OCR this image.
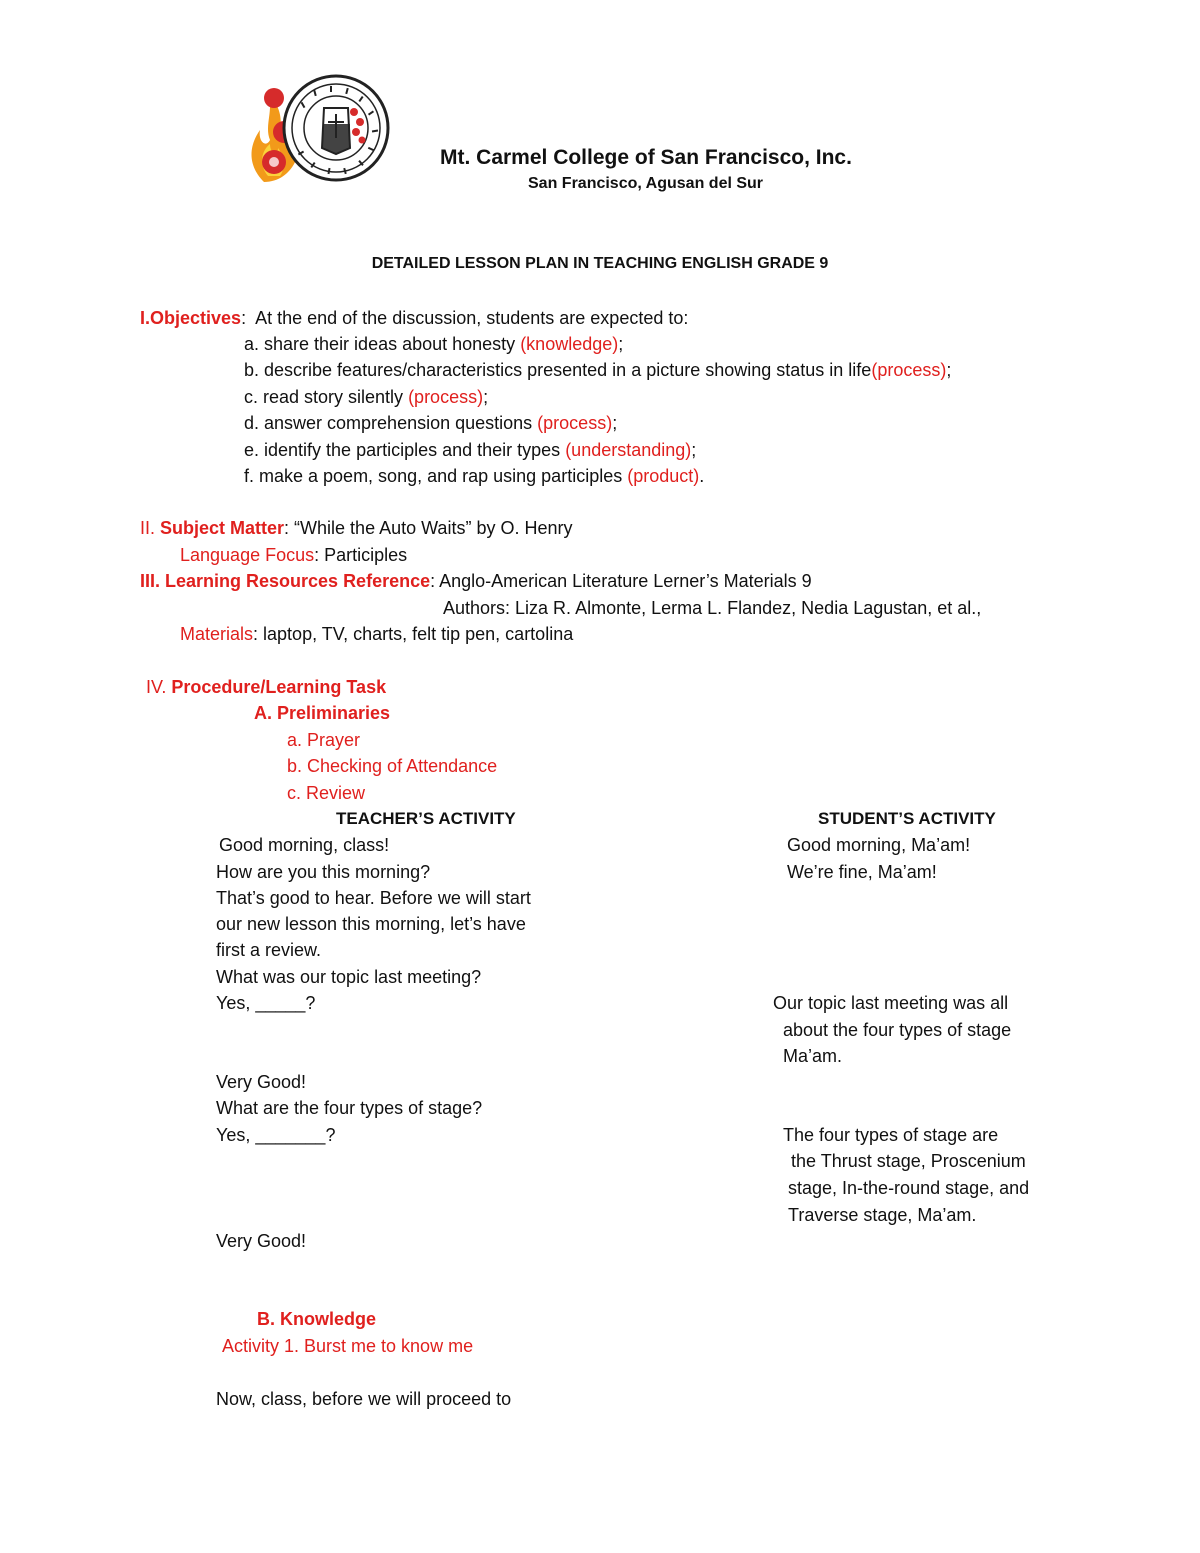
Mt. Carmel College of San Francisco, Inc.
San Francisco, Agusan del Sur
DETAILED LESSON PLAN IN TEACHING ENGLISH GRADE 9
I.Objectives:  At the end of the discussion, students are expected to:
a. share their ideas about honesty (knowledge);
b. describe features/characteristics presented in a picture showing status in life(process);
c. read story silently (process);
d. answer comprehension questions (process);
e. identify the participles and their types (understanding);
f. make a poem, song, and rap using participles (product).
II. Subject Matter: “While the Auto Waits” by O. Henry
Language Focus: Participles
III. Learning Resources Reference: Anglo-American Literature Lerner’s Materials 9
Authors: Liza R. Almonte, Lerma L. Flandez, Nedia Lagustan, et al.,
Materials: laptop, TV, charts, felt tip pen, cartolina
IV. Procedure/Learning Task
A. Preliminaries
a. Prayer
b. Checking of Attendance
c. Review
TEACHER’S ACTIVITY	STUDENT’S ACTIVITY
Good morning, class!
How are you this morning?
That’s good to hear. Before we will start
our new lesson this morning, let’s have
first a review.
What was our topic last meeting?
Yes, _____?
Very Good!
What are the four types of stage?
Yes, _______?
Very Good!
Good morning, Ma’am!
We’re fine, Ma’am!
Our topic last meeting was all
about the four types of stage
Ma’am.
The four types of stage are
the Thrust stage, Proscenium
stage, In-the-round stage, and
Traverse stage, Ma’am.
B. Knowledge
Activity 1. Burst me to know me
Now, class, before we will proceed to
